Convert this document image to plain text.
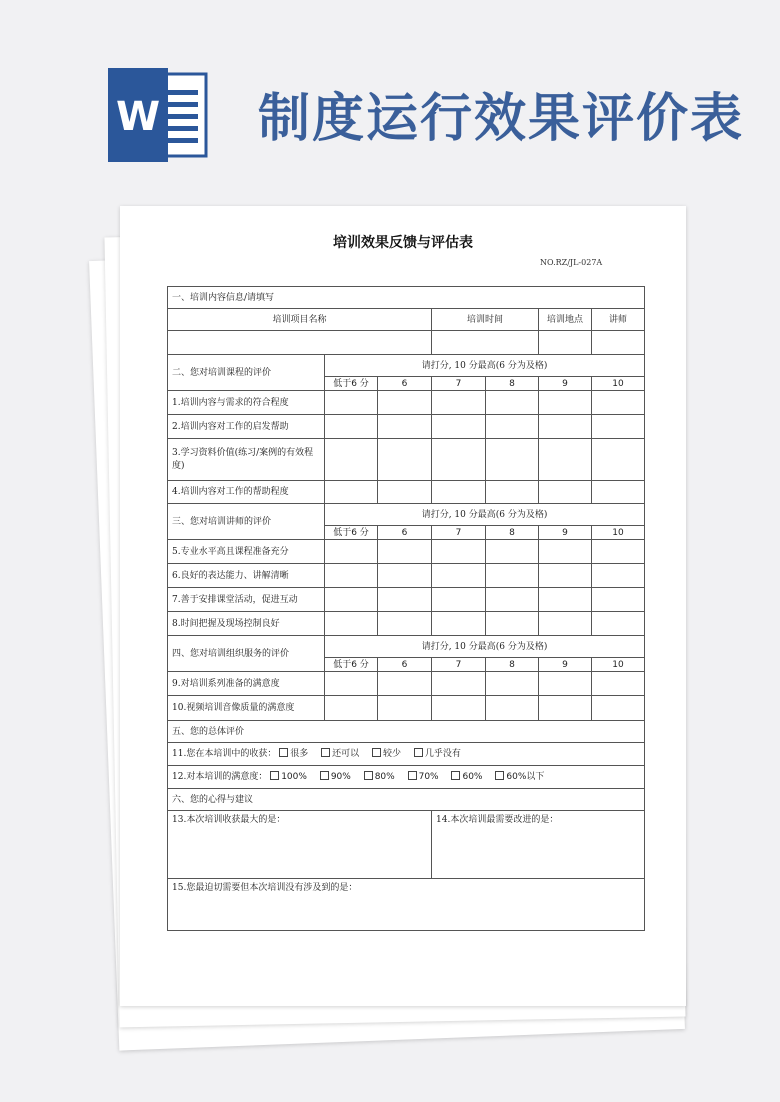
W 制度运行效果评价表
培训效果反馈与评估表
NO.RZ/JL-027A
一、培训内容信息/请填写						
培训项目名称			培训时间		培训地点	讲师

二、您对培训课程的评价	请打分, 10 分最高(6 分为及格)					
	低于6 分	6	7	8	9	10
1.培训内容与需求的符合程度						
2.培训内容对工作的启发帮助						
3.学习资料价值(练习/案例的有效程度)						
4.培训内容对工作的帮助程度						
三、您对培训讲师的评价	请打分, 10 分最高(6 分为及格)					
	低于6 分	6	7	8	9	10
5.专业水平高且课程准备充分						
6.良好的表达能力、讲解清晰						
7.善于安排课堂活动，促进互动						
8.时间把握及现场控制良好						
四、您对培训组织服务的评价	请打分, 10 分最高(6 分为及格)					
	低于6 分	6	7	8	9	10
9.对培训系列准备的满意度						
10.视频培训音像质量的满意度						
五、您的总体评价						
11.您在本培训中的收获： 很多 还可以 较少 几乎没有						
12.对本培训的满意度： 100% 90% 80% 70% 60% 60%以下						
六、您的心得与建议						
13.本次培训收获最大的是：			14.本次培训最需要改进的是：			
15.您最迫切需要但本次培训没有涉及到的是：						
